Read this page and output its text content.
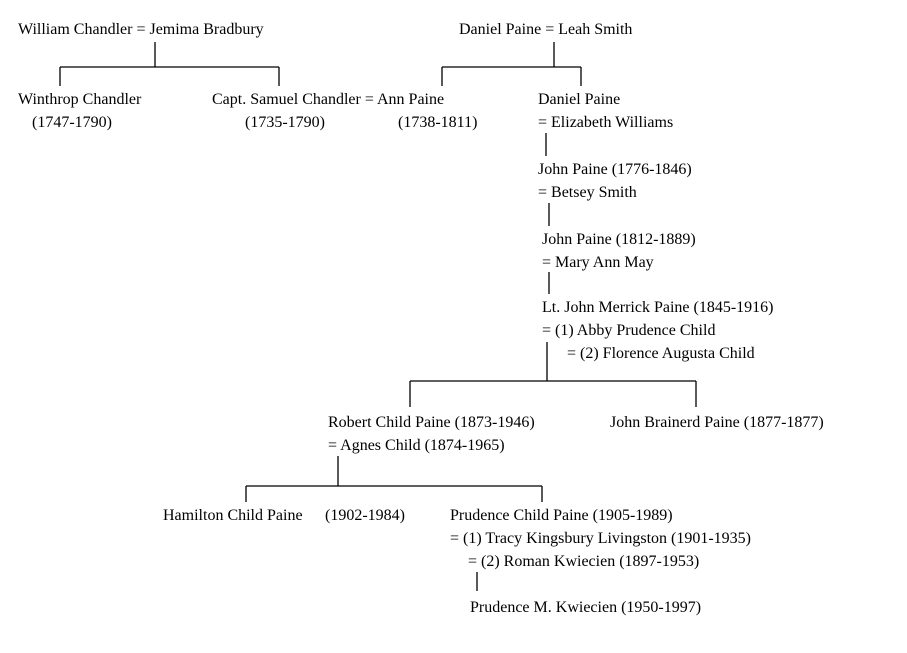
William Chandler = Jemima Bradbury	Daniel Paine = Leah Smith
Winthrop Chandler
(1747-1790)
Capt. Samuel Chandler = Ann Paine
(1735-1790)	(1738-1811)
Daniel Paine
= Elizabeth Williams
John Paine (1776-1846)
= Betsey Smith
John Paine (1812-1889)
= Mary Ann May
Lt. John Merrick Paine (1845-1916)
= (1) Abby Prudence Child
= (2) Florence Augusta Child
Robert Child Paine (1873-1946)
= Agnes Child (1874-1965)
John Brainerd Paine (1877-1877)
Hamilton Child Paine (1902-1984)	Prudence Child Paine (1905-1989)
= (1) Tracy Kingsbury Livingston (1901-1935)
= (2) Roman Kwiecien (1897-1953)
Prudence M. Kwiecien (1950-1997)
